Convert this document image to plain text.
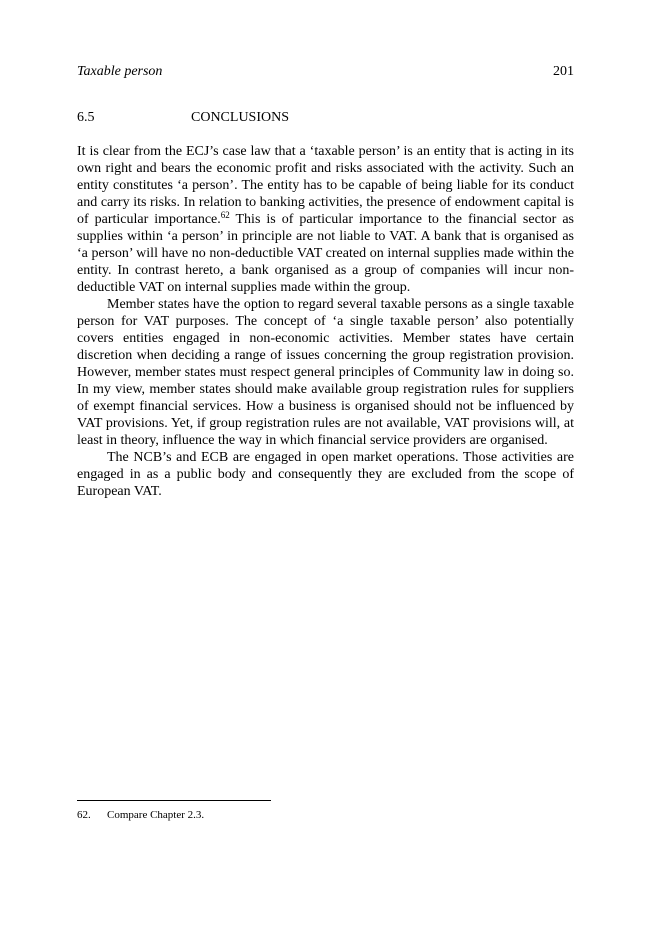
Taxable person	201
6.5	CONCLUSIONS

It is clear from the ECJ’s case law that a ‘taxable person’ is an entity that is acting in its own right and bears the economic profit and risks associated with the activity. Such an entity constitutes ‘a person’. The entity has to be capable of being liable for its conduct and carry its risks. In relation to banking activities, the presence of endowment capital is of particular importance.$^{62}$ This is of particular importance to the financial sector as supplies within ‘a person’ in principle are not liable to VAT. A bank that is organised as ‘a person’ will have no non-deductible VAT created on internal supplies made within the entity. In contrast hereto, a bank organised as a group of companies will incur non-deductible VAT on internal supplies made within the group.

Member states have the option to regard several taxable persons as a single taxable person for VAT purposes. The concept of ‘a single taxable person’ also potentially covers entities engaged in non-economic activities. Member states have certain discretion when deciding a range of issues concerning the group registration provision. However, member states must respect general principles of Community law in doing so. In my view, member states should make available group registration rules for suppliers of exempt financial services. How a business is organised should not be influenced by VAT provisions. Yet, if group registration rules are not available, VAT provisions will, at least in theory, influence the way in which financial service providers are organised.

The NCB’s and ECB are engaged in open market operations. Those activities are engaged in as a public body and consequently they are excluded from the scope of European VAT.

62. Compare Chapter 2.3.
